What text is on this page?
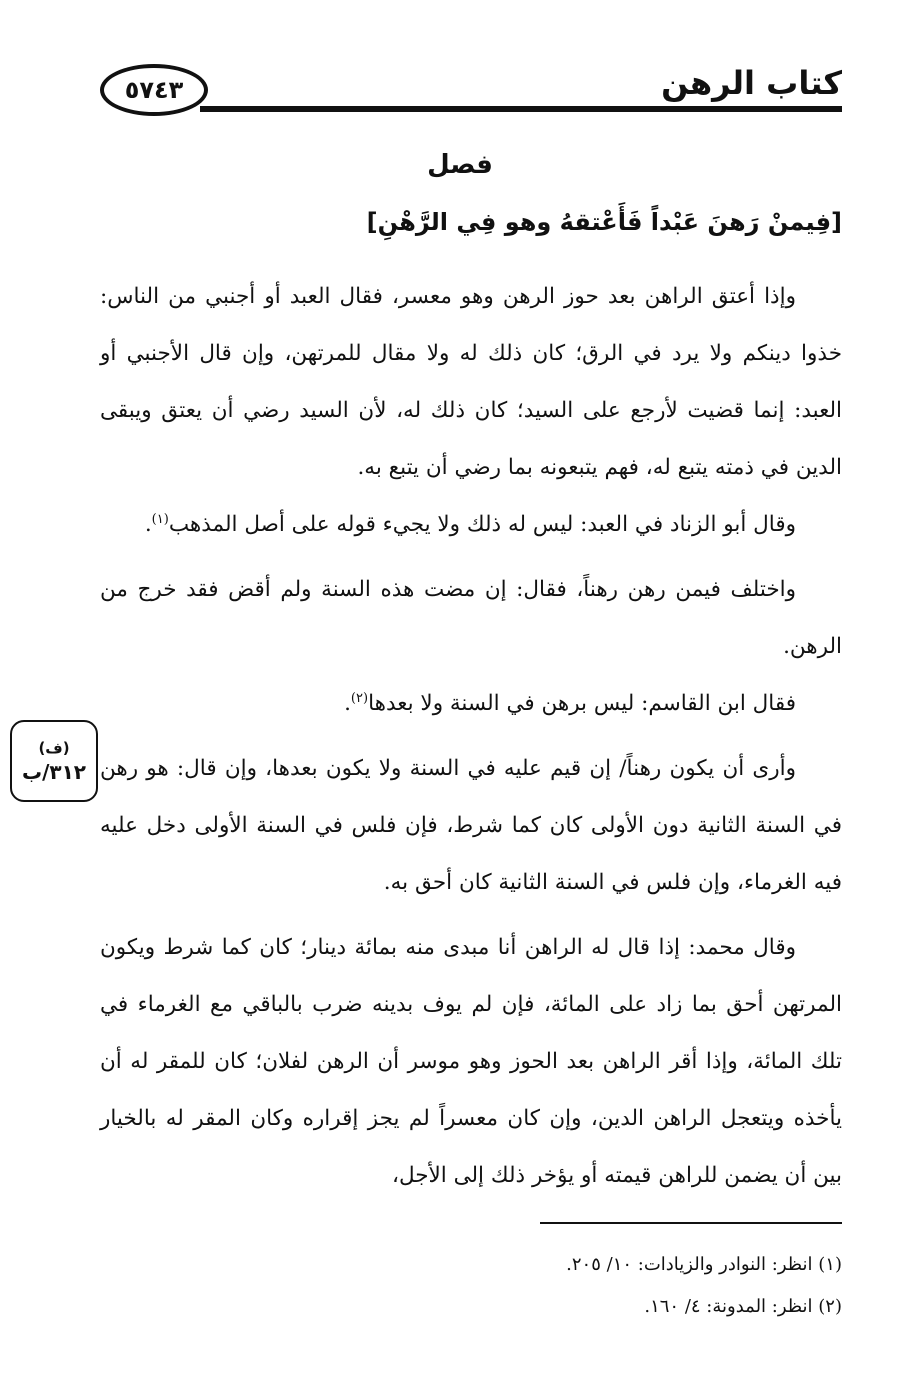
٥٧٤٣	كتاب الرهن
فصل
[فِيمنْ رَهنَ عَبْداً فَأَعْتقهُ وهو فِي الرَّهْنِ]
(ف)
٣١٢/ب

وإذا أعتق الراهن بعد حوز الرهن وهو معسر، فقال العبد أو أجنبي من الناس: خذوا دينكم ولا يرد في الرق؛ كان ذلك له ولا مقال للمرتهن، وإن قال الأجنبي أو العبد: إنما قضيت لأرجع على السيد؛ كان ذلك له، لأن السيد رضي أن يعتق ويبقى الدين في ذمته يتبع له، فهم يتبعونه بما رضي أن يتبع به.

وقال أبو الزناد في العبد: ليس له ذلك ولا يجيء قوله على أصل المذهب$^{(١)}$.

واختلف فيمن رهن رهناً، فقال: إن مضت هذه السنة ولم أقض فقد خرج من الرهن.

فقال ابن القاسم: ليس برهن في السنة ولا بعدها$^{(٢)}$.

وأرى أن يكون رهناً/ إن قيم عليه في السنة ولا يكون بعدها، وإن قال: هو رهن في السنة الثانية دون الأولى كان كما شرط، فإن فلس في السنة الأولى دخل عليه فيه الغرماء، وإن فلس في السنة الثانية كان أحق به.

وقال محمد: إذا قال له الراهن أنا مبدى منه بمائة دينار؛ كان كما شرط ويكون المرتهن أحق بما زاد على المائة، فإن لم يوف بدينه ضرب بالباقي مع الغرماء في تلك المائة، وإذا أقر الراهن بعد الحوز وهو موسر أن الرهن لفلان؛ كان للمقر له أن يأخذه ويتعجل الراهن الدين، وإن كان معسراً لم يجز إقراره وكان المقر له بالخيار بين أن يضمن للراهن قيمته أو يؤخر ذلك إلى الأجل،

(١) انظر: النوادر والزيادات: ١٠/ ٢٠٥.

(٢) انظر: المدونة: ٤/ ١٦٠.
